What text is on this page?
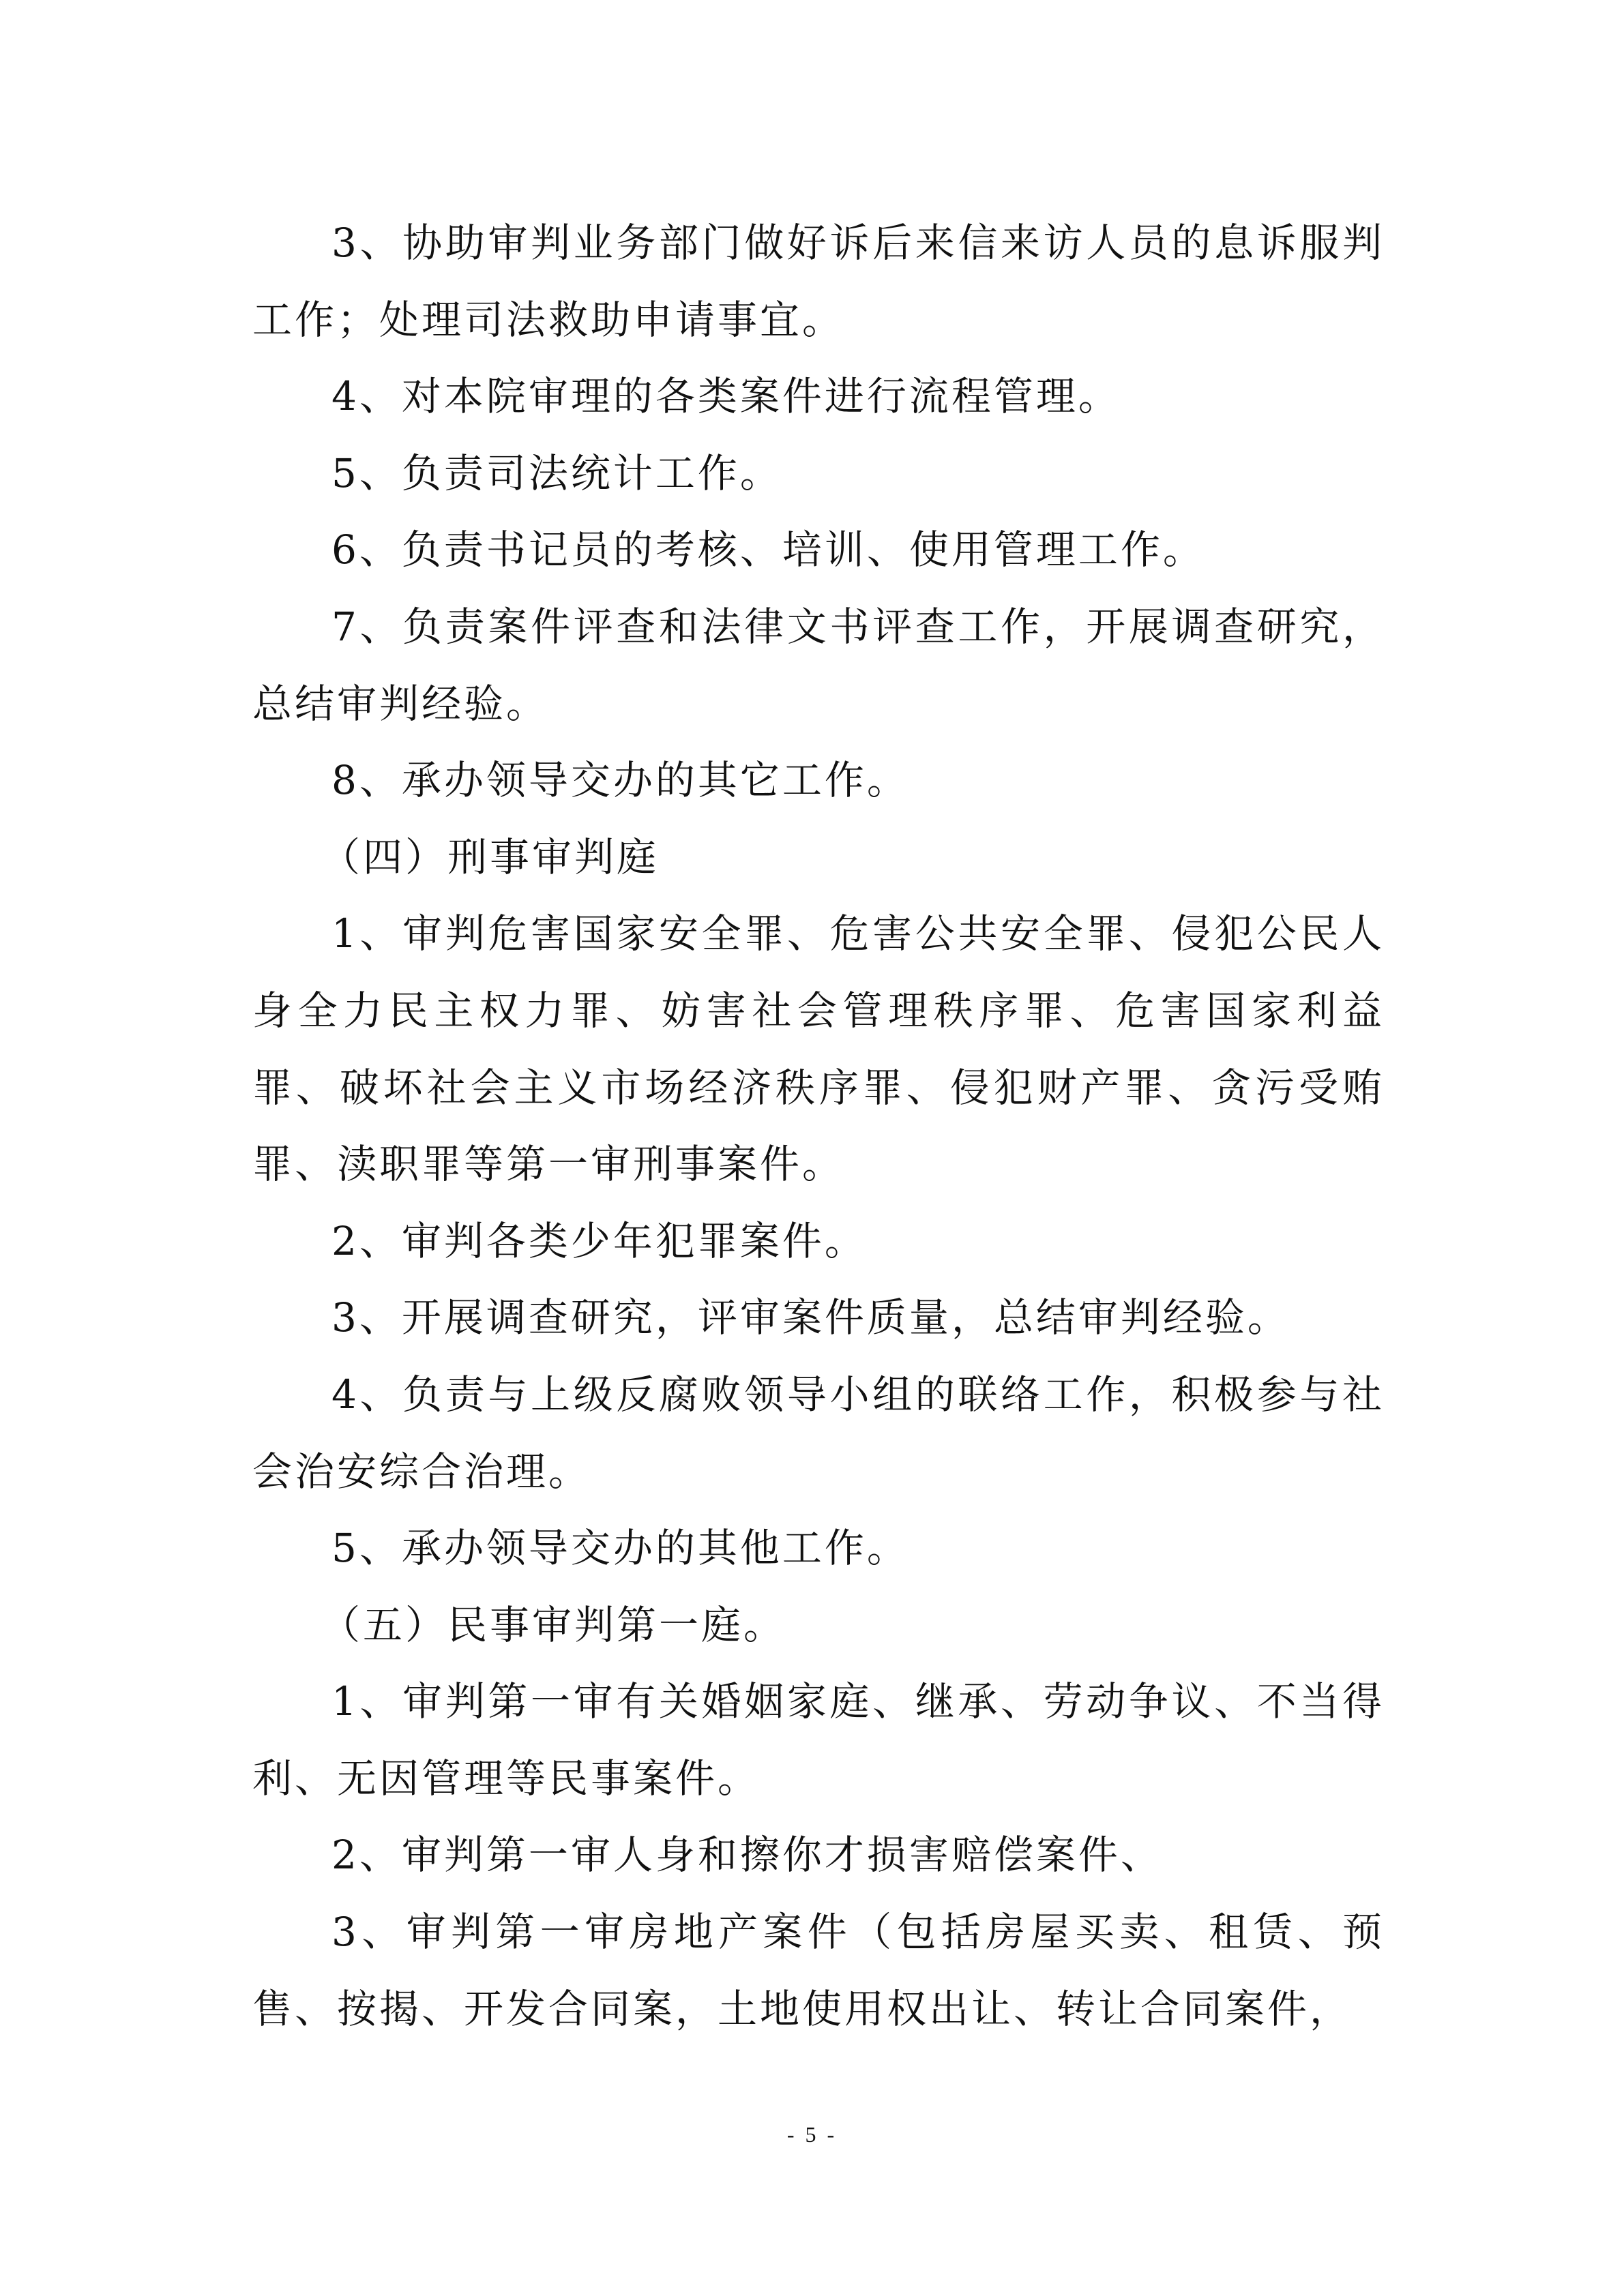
3、协助审判业务部门做好诉后来信来访人员的息诉服判工作；处理司法救助申请事宜。

4、对本院审理的各类案件进行流程管理。

5、负责司法统计工作。

6、负责书记员的考核、培训、使用管理工作。

7、负责案件评查和法律文书评查工作，开展调查研究，总结审判经验。

8、承办领导交办的其它工作。

（四）刑事审判庭

1、审判危害国家安全罪、危害公共安全罪、侵犯公民人身全力民主权力罪、妨害社会管理秩序罪、危害国家利益罪、破坏社会主义市场经济秩序罪、侵犯财产罪、贪污受贿罪、渎职罪等第一审刑事案件。

2、审判各类少年犯罪案件。

3、开展调查研究，评审案件质量，总结审判经验。

4、负责与上级反腐败领导小组的联络工作，积极参与社会治安综合治理。

5、承办领导交办的其他工作。

（五）民事审判第一庭。

1、审判第一审有关婚姻家庭、继承、劳动争议、不当得利、无因管理等民事案件。

2、审判第一审人身和擦你才损害赔偿案件、

3、审判第一审房地产案件（包括房屋买卖、租赁、预售、按揭、开发合同案，土地使用权出让、转让合同案件，

- 5 -
